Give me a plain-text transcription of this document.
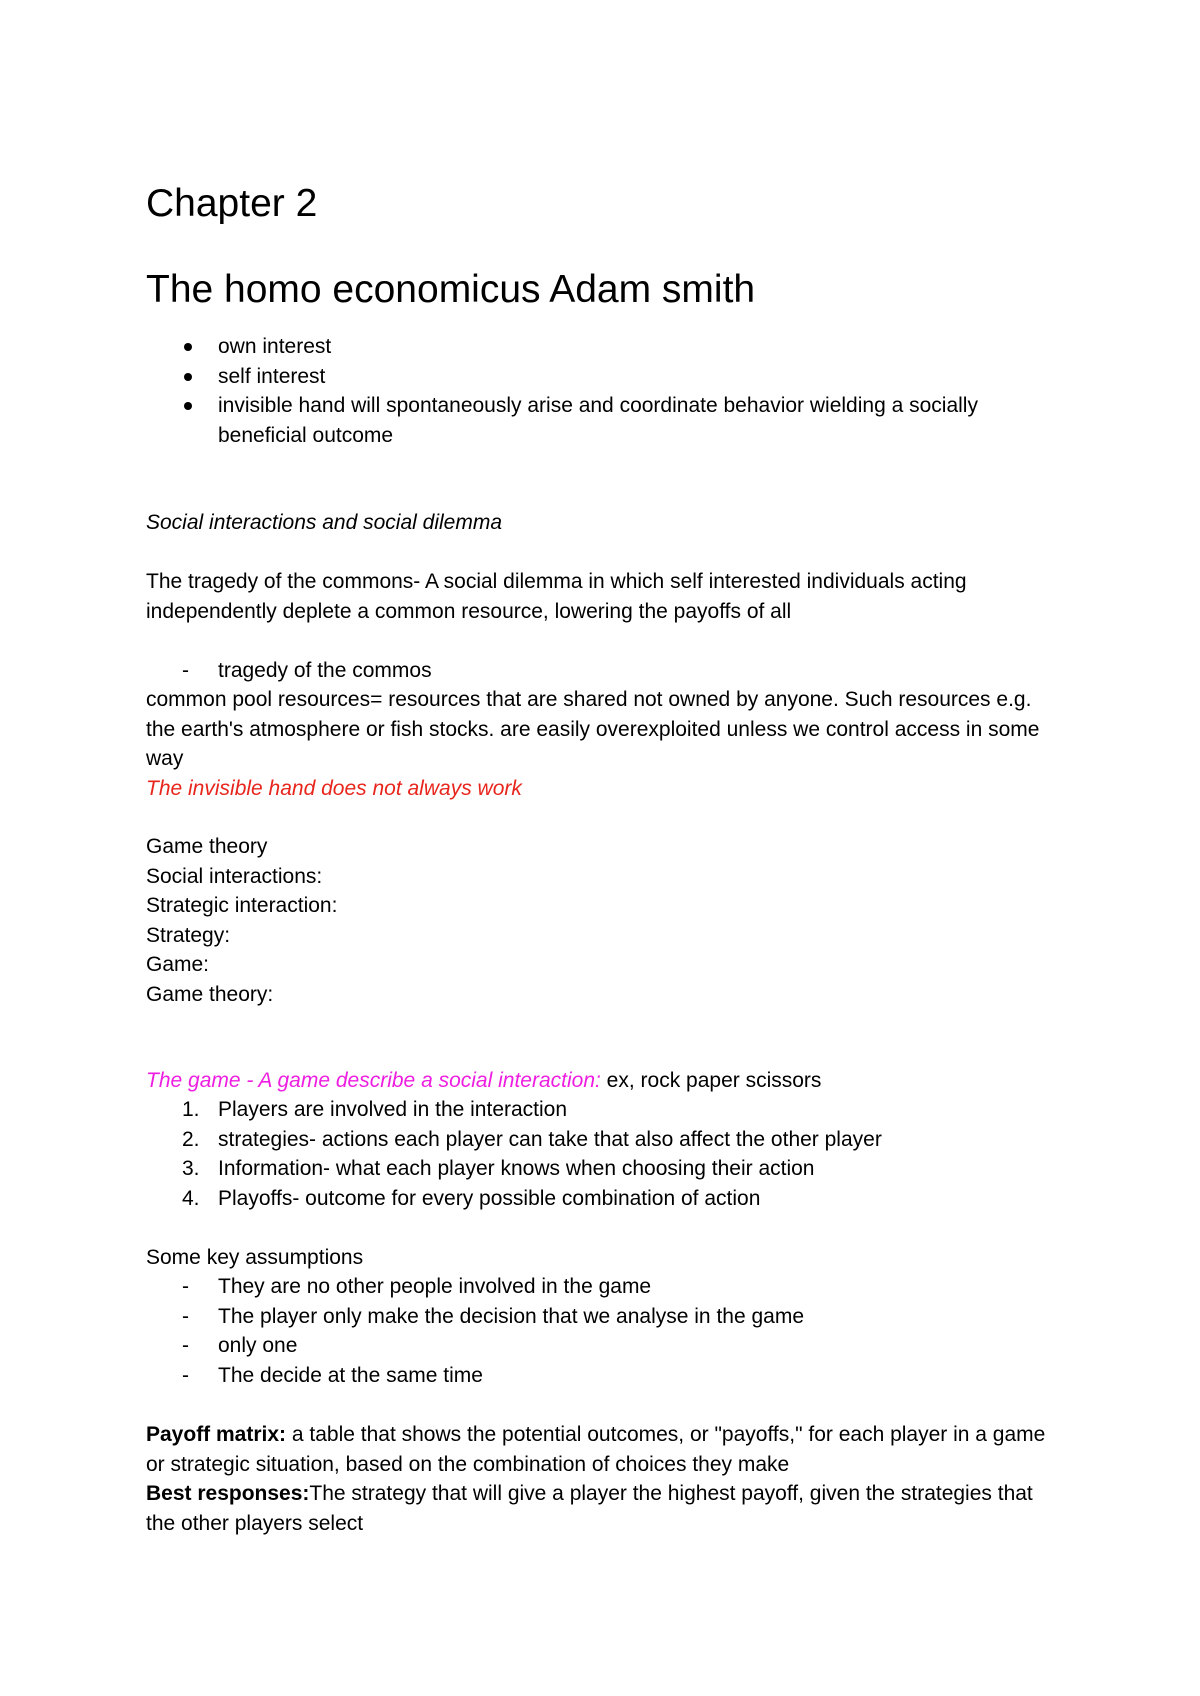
Chapter 2
The homo economicus Adam smith
own interest
self interest
invisible hand will spontaneously arise and coordinate behavior wielding a socially beneficial outcome

Social interactions and social dilemma

The tragedy of the commons- A social dilemma in which self interested individuals acting independently deplete a common resource, lowering the payoffs of all

- tragedy of the commos

common pool resources= resources that are shared not owned by anyone. Such resources e.g. the earth's atmosphere or fish stocks. are easily overexploited unless we control access in some way

The invisible hand does not always work

Game theory

Social interactions:

Strategic interaction:

Strategy:

Game:

Game theory:

The game - A game describe a social interaction: ex, rock paper scissors

1. Players are involved in the interaction
2. strategies- actions each player can take that also affect the other player
3. Information- what each player knows when choosing their action
4. Playoffs- outcome for every possible combination of action

Some key assumptions

- They are no other people involved in the game
- The player only make the decision that we analyse in the game
- only one
- The decide at the same time

Payoff matrix: a table that shows the potential outcomes, or "payoffs," for each player in a game or strategic situation, based on the combination of choices they make

Best responses:The strategy that will give a player the highest payoff, given the strategies that the other players select
